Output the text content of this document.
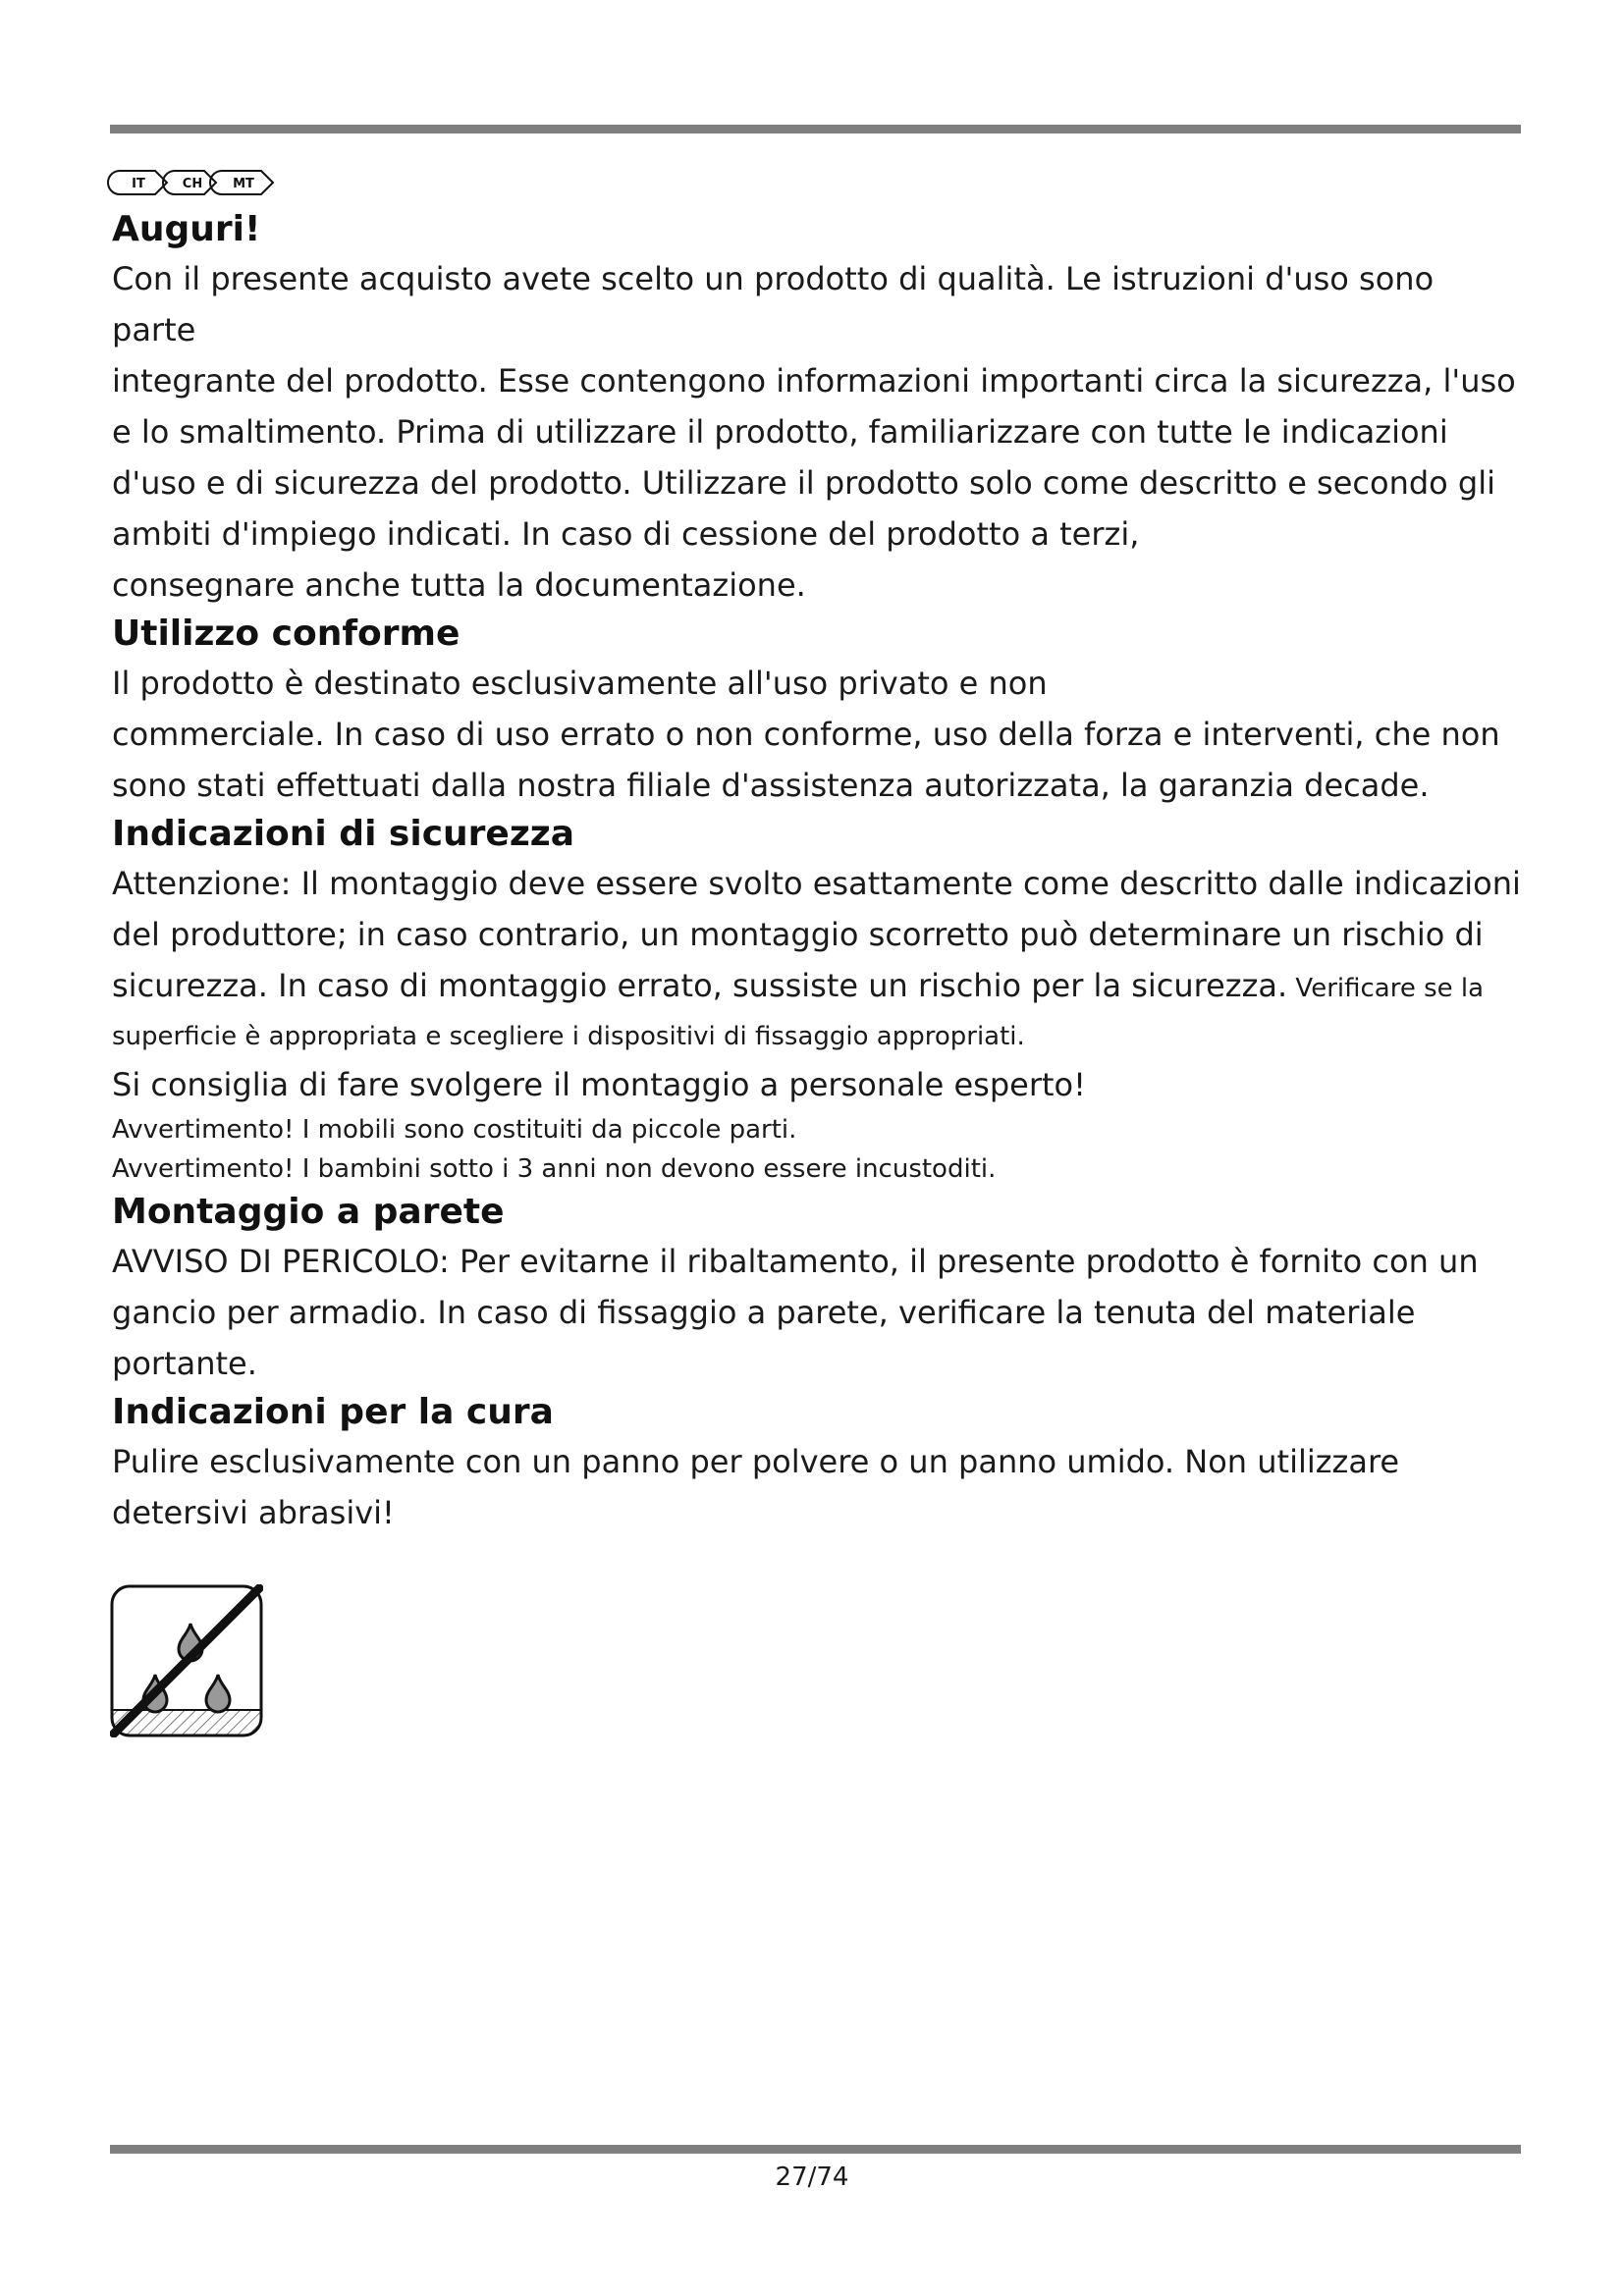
IT	CH MT
Auguri!

Con il presente acquisto avete scelto un prodotto di qualità. Le istruzioni d'uso sono parte
integrante del prodotto. Esse contengono informazioni importanti circa la sicurezza, l'uso
e lo smaltimento. Prima di utilizzare il prodotto, familiarizzare con tutte le indicazioni
d'uso e di sicurezza del prodotto. Utilizzare il prodotto solo come descritto e secondo gli
ambiti d'impiego indicati. In caso di cessione del prodotto a terzi,
consegnare anche tutta la documentazione.

Utilizzo conforme

Il prodotto è destinato esclusivamente all'uso privato e non
commerciale. In caso di uso errato o non conforme, uso della forza e interventi, che non
sono stati effettuati dalla nostra filiale d'assistenza autorizzata, la garanzia decade.

Indicazioni di sicurezza

Attenzione: Il montaggio deve essere svolto esattamente come descritto dalle indicazioni
del produttore; in caso contrario, un montaggio scorretto può determinare un rischio di
sicurezza. In caso di montaggio errato, sussiste un rischio per la sicurezza. Verificare se la
superficie è appropriata e scegliere i dispositivi di fissaggio appropriati.
Si consiglia di fare svolgere il montaggio a personale esperto!
Avvertimento! I mobili sono costituiti da piccole parti.
Avvertimento! I bambini sotto i 3 anni non devono essere incustoditi.

Montaggio a parete

AVVISO DI PERICOLO: Per evitarne il ribaltamento, il presente prodotto è fornito con un
gancio per armadio. In caso di fissaggio a parete, verificare la tenuta del materiale
portante.

Indicazioni per la cura

Pulire esclusivamente con un panno per polvere o un panno umido. Non utilizzare
detersivi abrasivi!

27/74
